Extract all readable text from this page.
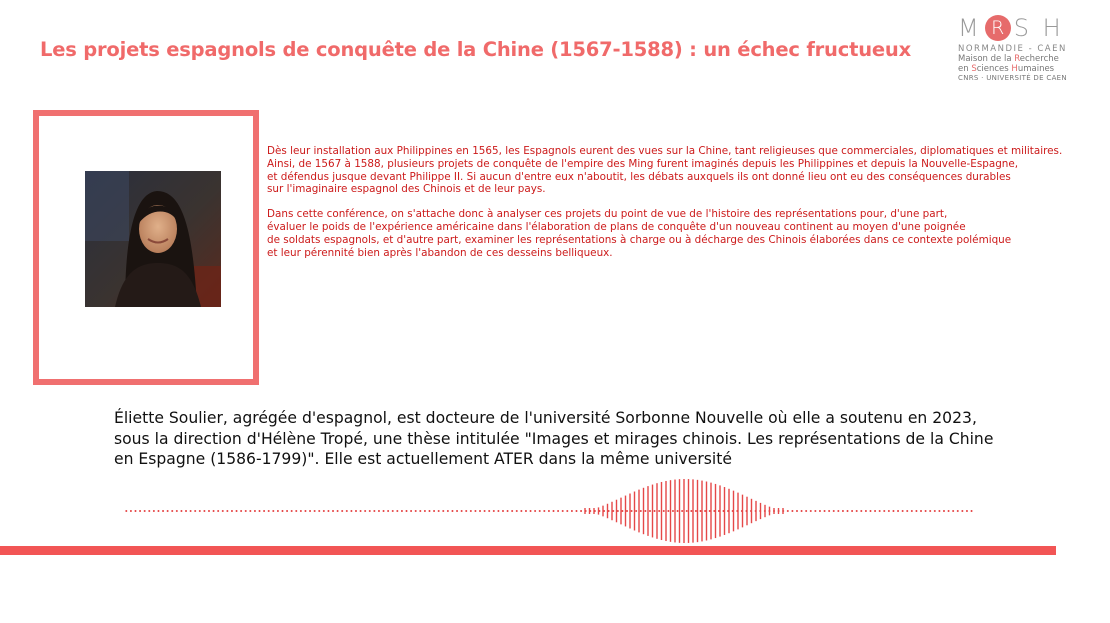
Les projets espagnols de conquête de la Chine (1567-1588) : un échec fructueux
M R S H
NORMANDIE - CAEN
Maison de la Recherche
en Sciences Humaines
CNRS · UNIVERSITÉ DE CAEN

Dès leur installation aux Philippines en 1565, les Espagnols eurent des vues sur la Chine, tant religieuses que commerciales, diplomatiques et militaires.
Ainsi, de 1567 à 1588, plusieurs projets de conquête de l'empire des Ming furent imaginés depuis les Philippines et depuis la Nouvelle-Espagne,
et défendus jusque devant Philippe II. Si aucun d'entre eux n'aboutit, les débats auxquels ils ont donné lieu ont eu des conséquences durables
sur l'imaginaire espagnol des Chinois et de leur pays.

Dans cette conférence, on s'attache donc à analyser ces projets du point de vue de l'histoire des représentations pour, d'une part,
évaluer le poids de l'expérience américaine dans l'élaboration de plans de conquête d'un nouveau continent au moyen d'une poignée
de soldats espagnols, et d'autre part, examiner les représentations à charge ou à décharge des Chinois élaborées dans ce contexte polémique
et leur pérennité bien après l'abandon de ces desseins belliqueux.

Éliette Soulier, agrégée d'espagnol, est docteure de l'université Sorbonne Nouvelle où elle a soutenu en 2023,
sous la direction d'Hélène Tropé, une thèse intitulée "Images et mirages chinois. Les représentations de la Chine
en Espagne (1586-1799)". Elle est actuellement ATER dans la même université
